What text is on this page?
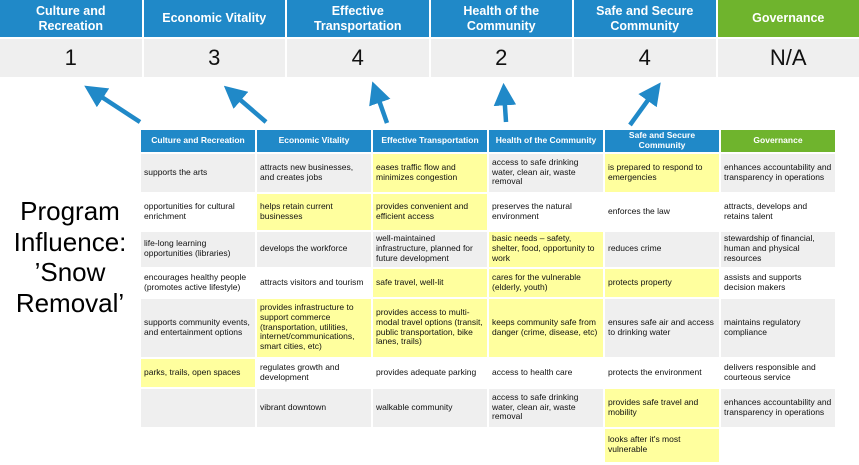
Culture and Recreation
Economic Vitality
Effective Transportation
Health of the Community
Safe and Secure Community
Governance
1	3	4	2	4	N/A
Program
Influence:
’Snow
Removal’
Culture and Recreation	Economic Vitality	Effective Transportation	Health of the Community	Safe and Secure Community	Governance
supports the arts	attracts new businesses, and creates jobs	eases traffic flow and minimizes congestion	access to safe drinking water, clean air, waste removal	is prepared to respond to emergencies	enhances accountability and transparency in operations
opportunities for cultural enrichment	helps retain current businesses	provides convenient and efficient access	preserves the natural environment	enforces the law	attracts, develops and retains talent
life-long learning opportunities (libraries)	develops the workforce	well-maintained infrastructure, planned for future development	basic needs – safety, shelter, food, opportunity to work	reduces crime	stewardship of financial, human and physical resources
encourages healthy people (promotes active lifestyle)	attracts visitors and tourism	safe travel, well-lit	cares for the vulnerable (elderly, youth)	protects property	assists and supports decision makers
supports community events, and entertainment options	provides infrastructure to support commerce (transportation, utilities, internet/communications, smart cities, etc)	provides access to multi-modal travel options (transit, public transportation, bike lanes, trails)	keeps community safe from danger (crime, disease, etc)	ensures safe air and access to drinking water	maintains regulatory compliance
parks, trails, open spaces	regulates growth and development	provides adequate parking	access to health care	protects the environment	delivers responsible and courteous service
	vibrant downtown	walkable community	access to safe drinking water, clean air, waste removal	provides safe travel and mobility	enhances accountability and transparency in operations
				looks after it's most vulnerable	
